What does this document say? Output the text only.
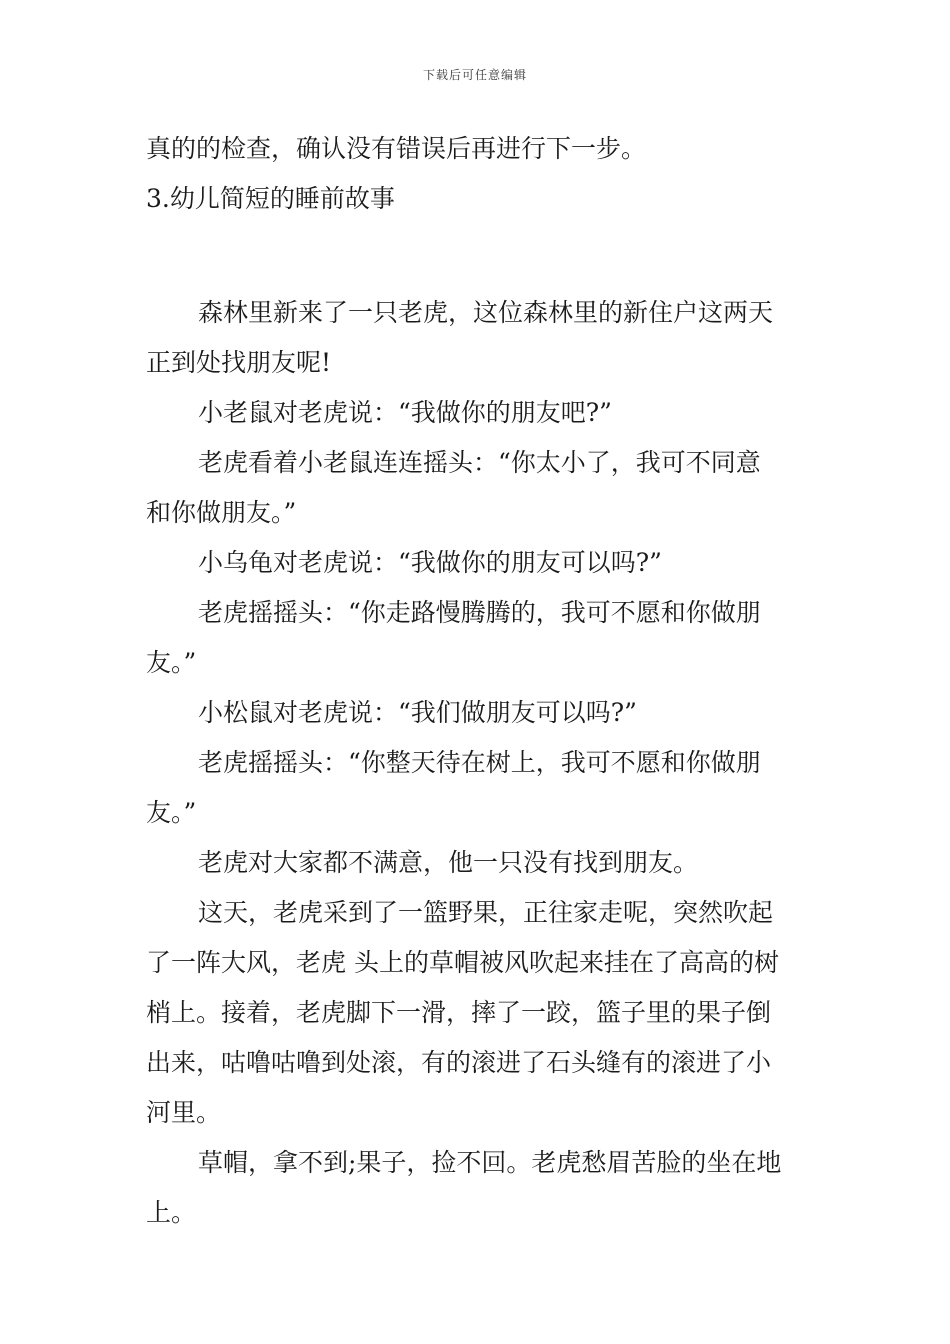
下载后可任意编辑
真的的检查，确认没有错误后再进行下一步。
3.幼儿简短的睡前故事
森林里新来了一只老虎，这位森林里的新住户这两天
正到处找朋友呢!
小老鼠对老虎说：“我做你的朋友吧?”
老虎看着小老鼠连连摇头：“你太小了，我可不同意
和你做朋友。”
小乌龟对老虎说：“我做你的朋友可以吗?”
老虎摇摇头：“你走路慢腾腾的，我可不愿和你做朋
友。”
小松鼠对老虎说：“我们做朋友可以吗?”
老虎摇摇头：“你整天待在树上，我可不愿和你做朋
友。”
老虎对大家都不满意，他一只没有找到朋友。
这天，老虎采到了一篮野果，正往家走呢，突然吹起
了一阵大风，老虎 头上的草帽被风吹起来挂在了高高的树
梢上。接着，老虎脚下一滑，摔了一跤，篮子里的果子倒
出来，咕噜咕噜到处滚，有的滚进了石头缝有的滚进了小
河里。
草帽，拿不到;果子，捡不回。老虎愁眉苦脸的坐在地
上。
